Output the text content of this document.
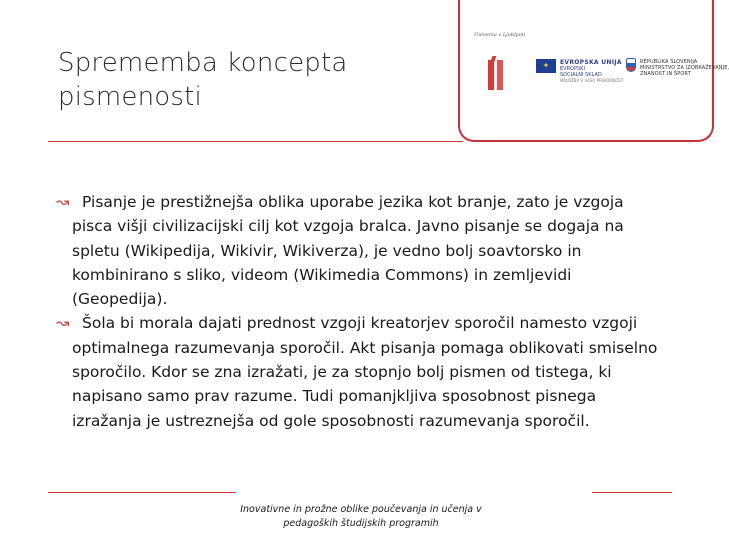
Sprememba koncepta
pismenosti
Univerza v Ljubljani
✦	EVROPSKA UNIJA
EVROPSKI
SOCIALNI SKLAD
NALOŽBA V VAŠO PRIHODNOST
REPUBLIKA SLOVENIJA
MINISTRSTVO ZA IZOBRAŽEVANJE,
ZNANOST IN ŠPORT
↝ Pisanje je prestižnejša oblika uporabe jezika kot branje, zato je vzgoja pisca višji civilizacijski cilj kot vzgoja bralca. Javno pisanje se dogaja na spletu (Wikipedija, Wikivir, Wikiverza), je vedno bolj soavtorsko in kombinirano s sliko, videom (Wikimedia Commons) in zemljevidi (Geopedija).
↝ Šola bi morala dajati prednost vzgoji kreatorjev sporočil namesto vzgoji optimalnega razumevanja sporočil. Akt pisanja pomaga oblikovati smiselno sporočilo. Kdor se zna izražati, je za stopnjo bolj pismen od tistega, ki napisano samo prav razume. Tudi pomanjkljiva sposobnost pisnega izražanja je ustreznejša od gole sposobnosti razumevanja sporočil.
Inovativne in prožne oblike poučevanja in učenja v
pedagoških študijskih programih
